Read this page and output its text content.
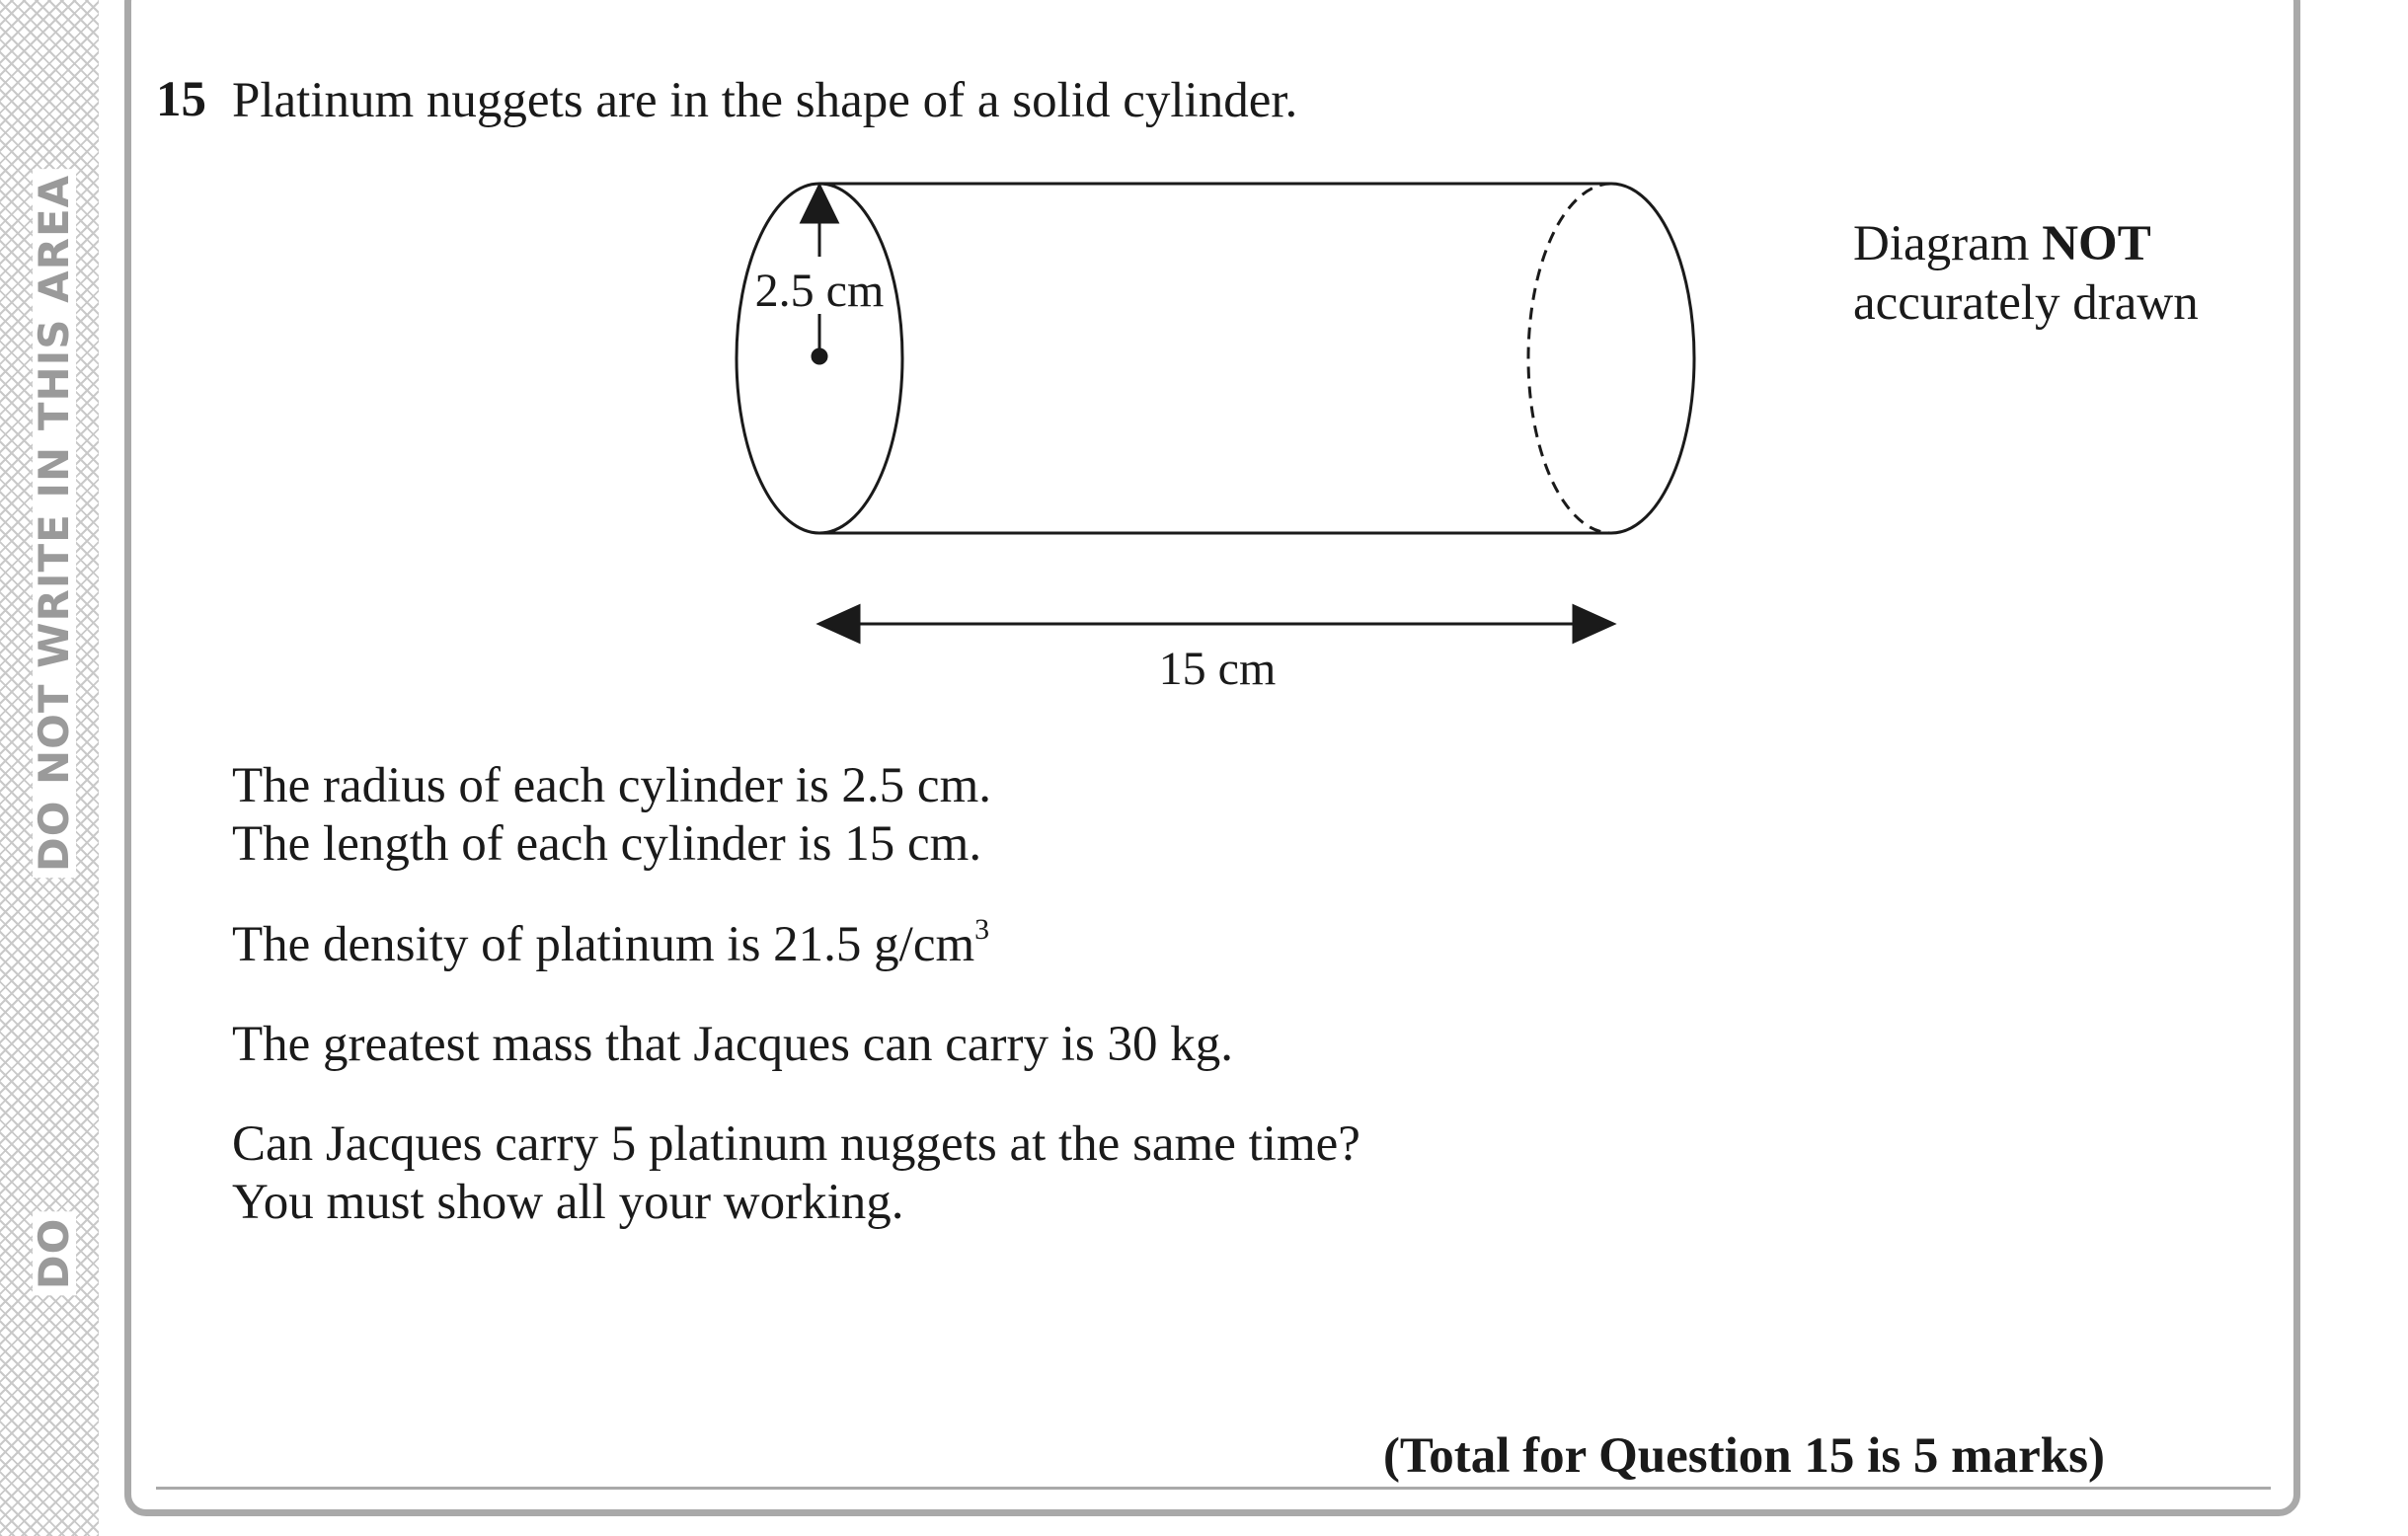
DO NOT WRITE IN THIS AREA
DO
15 Platinum nuggets are in the shape of a solid cylinder.
2.5 cm
15 cm
Diagram NOT
accurately drawn
The radius of each cylinder is 2.5 cm.
The length of each cylinder is 15 cm.
The density of platinum is 21.5 $g/cm^3$
The greatest mass that Jacques can carry is 30 kg.
Can Jacques carry 5 platinum nuggets at the same time?
You must show all your working.
(Total for Question 15 is 5 marks)
